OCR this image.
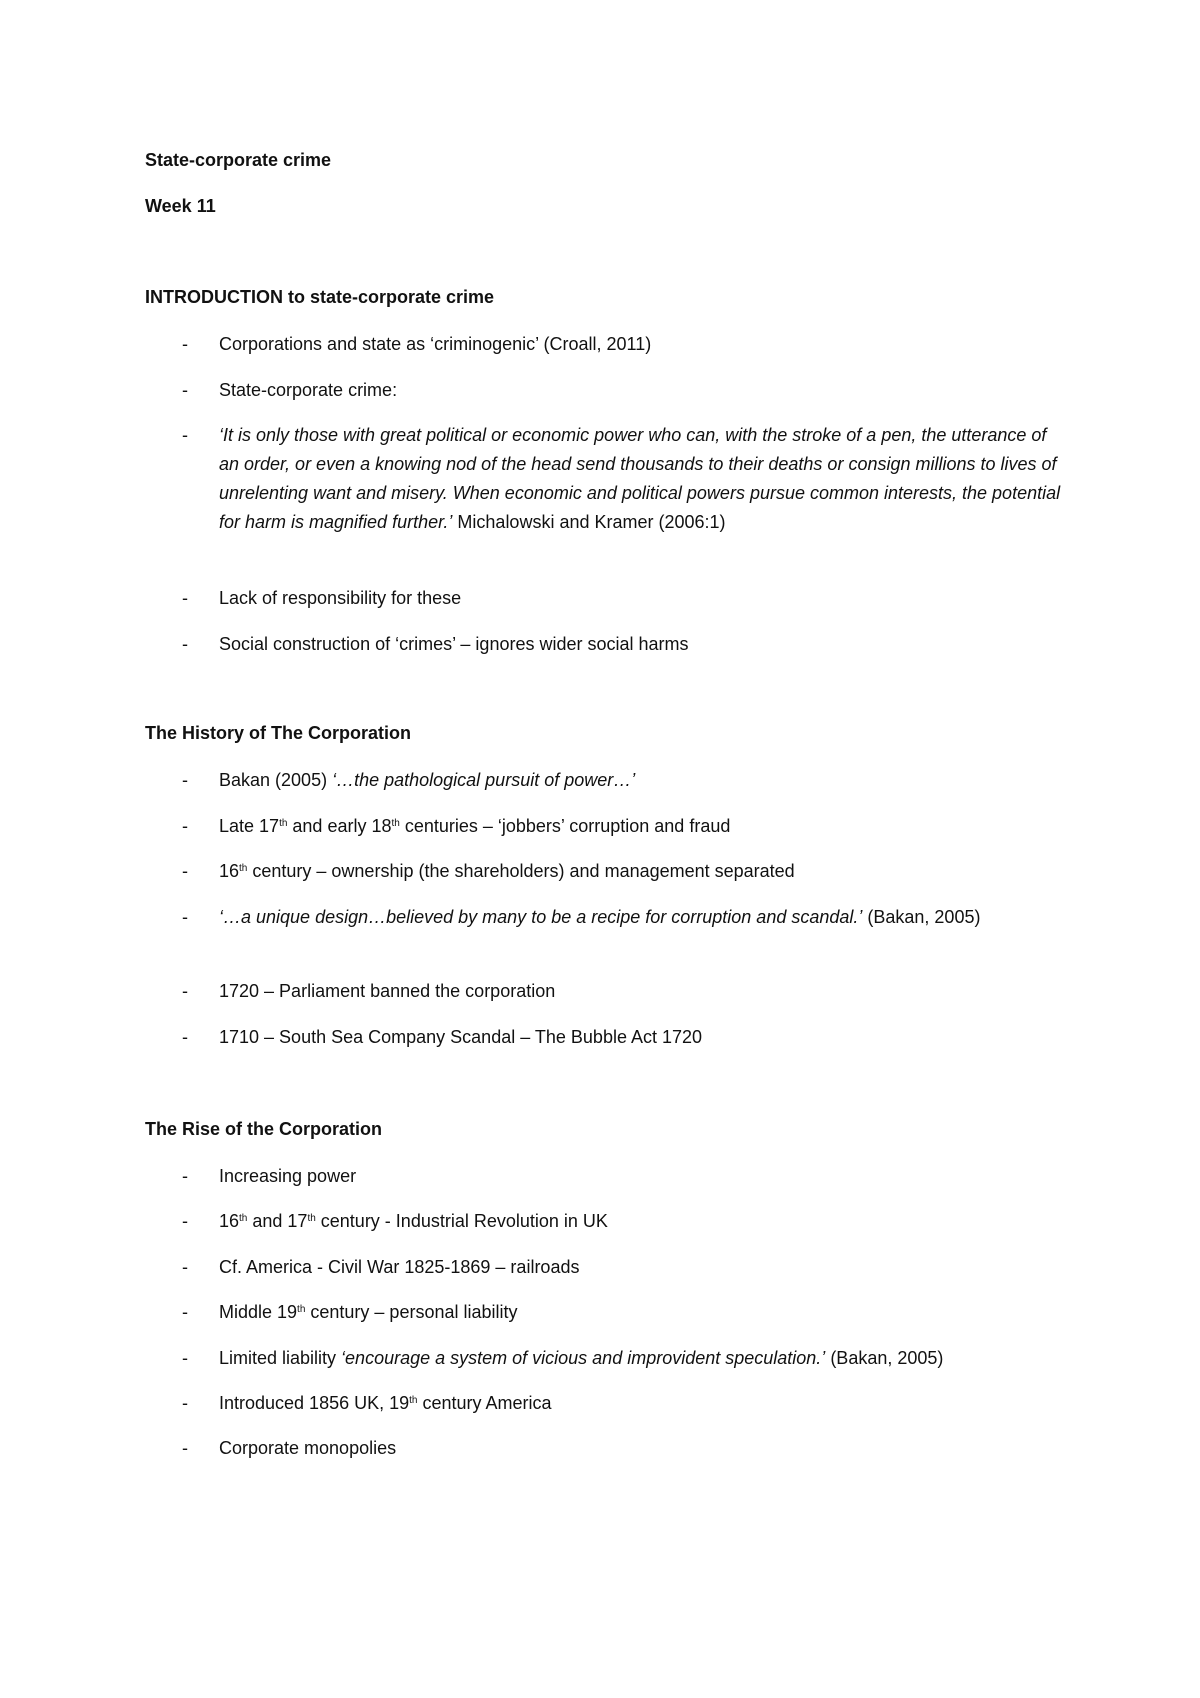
State-corporate crime
Week 11
INTRODUCTION to state-corporate crime
-	Corporations and state as ‘criminogenic’ (Croall, 2011)
-	State-corporate crime:
-	‘It is only those with great political or economic power who can, with the stroke of a pen, the utterance of an order, or even a knowing nod of the head send thousands to their deaths or consign millions to lives of unrelenting want and misery. When economic and political powers pursue common interests, the potential for harm is magnified further.’ Michalowski and Kramer (2006:1)
-	Lack of responsibility for these
-	Social construction of ‘crimes’ – ignores wider social harms
The History of The Corporation
-	Bakan (2005) ‘…the pathological pursuit of power…’
-	Late 17th and early 18th centuries – ‘jobbers’ corruption and fraud
-	16th century – ownership (the shareholders) and management separated
-	‘…a unique design…believed by many to be a recipe for corruption and scandal.’ (Bakan, 2005)
-	1720 – Parliament banned the corporation
-	1710 – South Sea Company Scandal – The Bubble Act 1720
The Rise of the Corporation
-	Increasing power
-	16th and 17th century - Industrial Revolution in UK
-	Cf. America - Civil War 1825-1869 – railroads
-	Middle 19th century – personal liability
-	Limited liability ‘encourage a system of vicious and improvident speculation.’ (Bakan, 2005)
-	Introduced 1856 UK, 19th century America
-	Corporate monopolies
